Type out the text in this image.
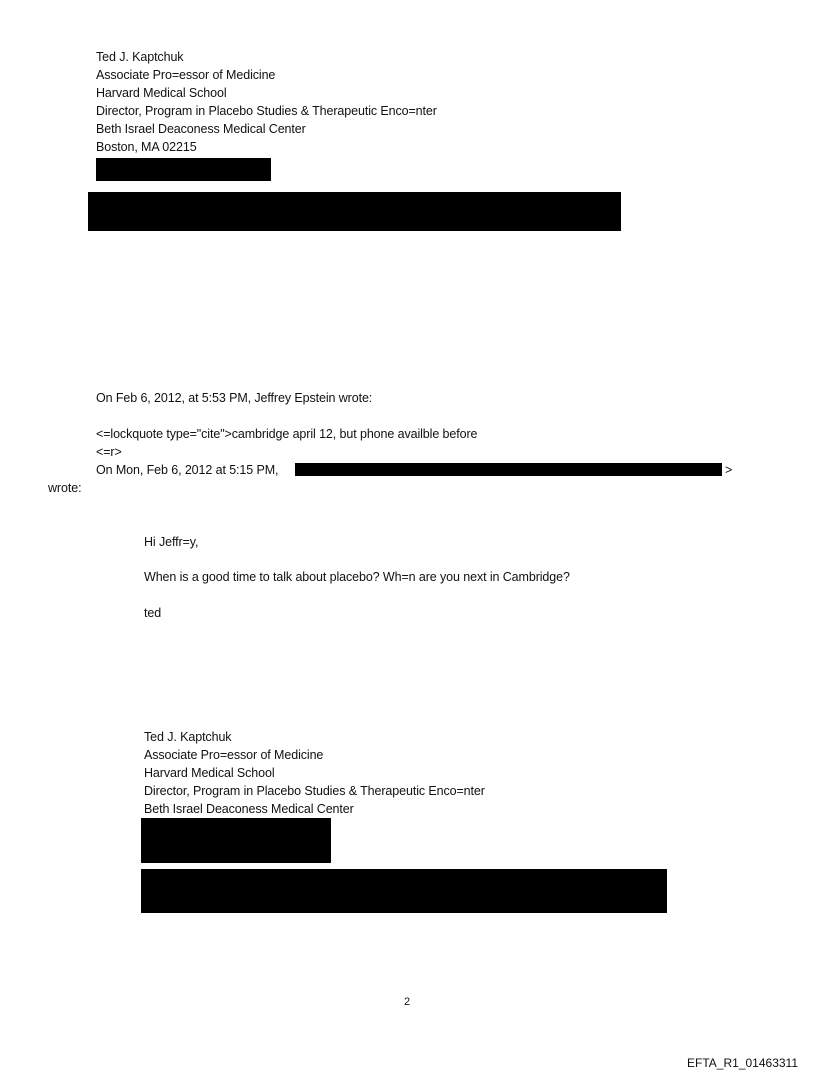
Ted J. Kaptchuk
Associate Pro=essor of Medicine
Harvard Medical School
Director, Program in Placebo Studies & Therapeutic Enco=nter
Beth Israel Deaconess Medical Center
Boston, MA 02215
On Feb 6, 2012, at 5:53 PM, Jeffrey Epstein wrote:
<=lockquote type="cite">cambridge april 12, but phone availble before
<=r>
On Mon, Feb 6, 2012 at 5:15 PM,	>
wrote:
Hi Jeffr=y,
When is a good time to talk about placebo? Wh=n are you next in Cambridge?
ted
Ted J. Kaptchuk
Associate Pro=essor of Medicine
Harvard Medical School
Director, Program in Placebo Studies & Therapeutic Enco=nter
Beth Israel Deaconess Medical Center
2
EFTA_R1_01463311
